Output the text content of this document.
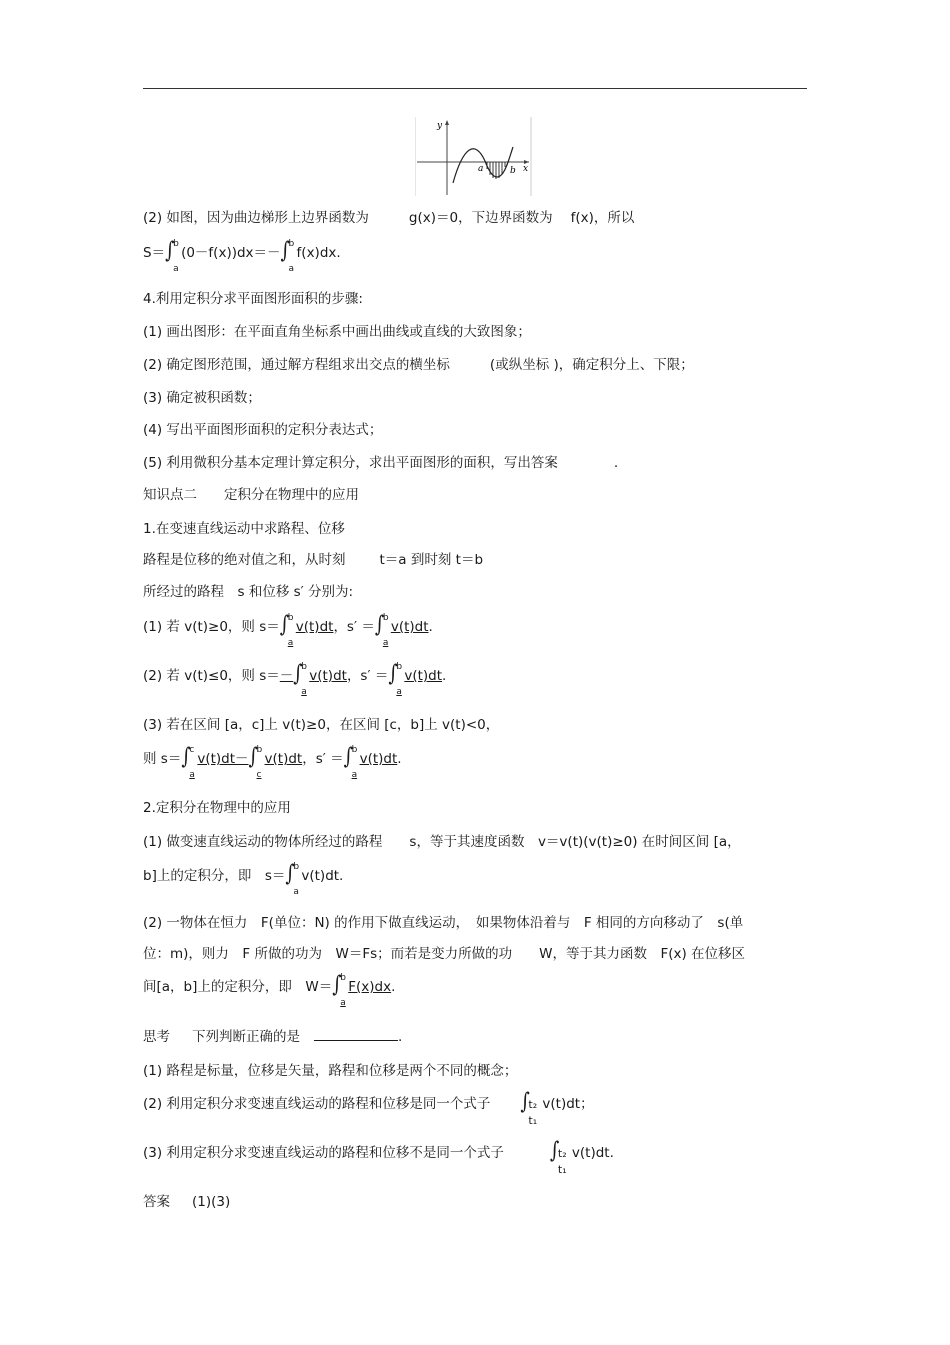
y
x
a	b
(2) 如图，因为曲边梯形上边界函数为	g(x)＝0，下边界函数为 f(x)，所以
S＝ ∫
b
a
(0－f(x))dx＝－ ∫
b
a
f(x)dx.
4.利用定积分求平面图形面积的步骤:
(1) 画出图形：在平面直角坐标系中画出曲线或直线的大致图象；
(2) 确定图形范围，通过解方程组求出交点的横坐标	(或纵坐标 )，确定积分上、下限；
(3) 确定被积函数；
(4) 写出平面图形面积的定积分表达式；
(5) 利用微积分基本定理计算定积分，求出平面图形的面积，写出答案	.
知识点二　　定积分在物理中的应用
1.在变速直线运动中求路程、位移
路程是位移的绝对值之和，从时刻	t＝a 到时刻 t＝b
所经过的路程　s 和位移 s′ 分别为:
(1) 若 v(t)≥0，则 s＝ ∫
b
a
v(t)dt，s′ ＝ ∫
b
a
v(t)dt.
(2) 若 v(t)≤0，则 s＝－ ∫
b
a
v(t)dt，s′ ＝ ∫
b
a
v(t)dt.
(3) 若在区间 [a，c]上 v(t)≥0，在区间 [c，b]上 v(t)<0，
则 s＝ ∫
c
a
v(t)dt－ ∫
b
c
v(t)dt，s′ ＝ ∫
b
a
v(t)dt.
2.定积分在物理中的应用
(1) 做变速直线运动的物体所经过的路程　　s，等于其速度函数　v＝v(t)(v(t)≥0) 在时间区间 [a，
b]上的定积分，即　s＝ ∫
b
a
v(t)dt.
(2) 一物体在恒力　F(单位：N) 的作用下做直线运动，　如果物体沿着与　F 相同的方向移动了　s(单
位：m)，则力　F 所做的功为　W＝Fs；而若是变力所做的功　　W，等于其力函数　F(x) 在位移区
间[a，b]上的定积分，即　W＝ ∫
b
a
F(x)dx.
思考 下列判断正确的是	.
(1) 路程是标量，位移是矢量，路程和位移是两个不同的概念；
(2) 利用定积分求变速直线运动的路程和位移是同一个式子 ∫
t₂
t₁
v(t)dt；
(3) 利用定积分求变速直线运动的路程和位移不是同一个式子	∫
t₂
t₁
v(t)dt.
答案 (1)(3)
